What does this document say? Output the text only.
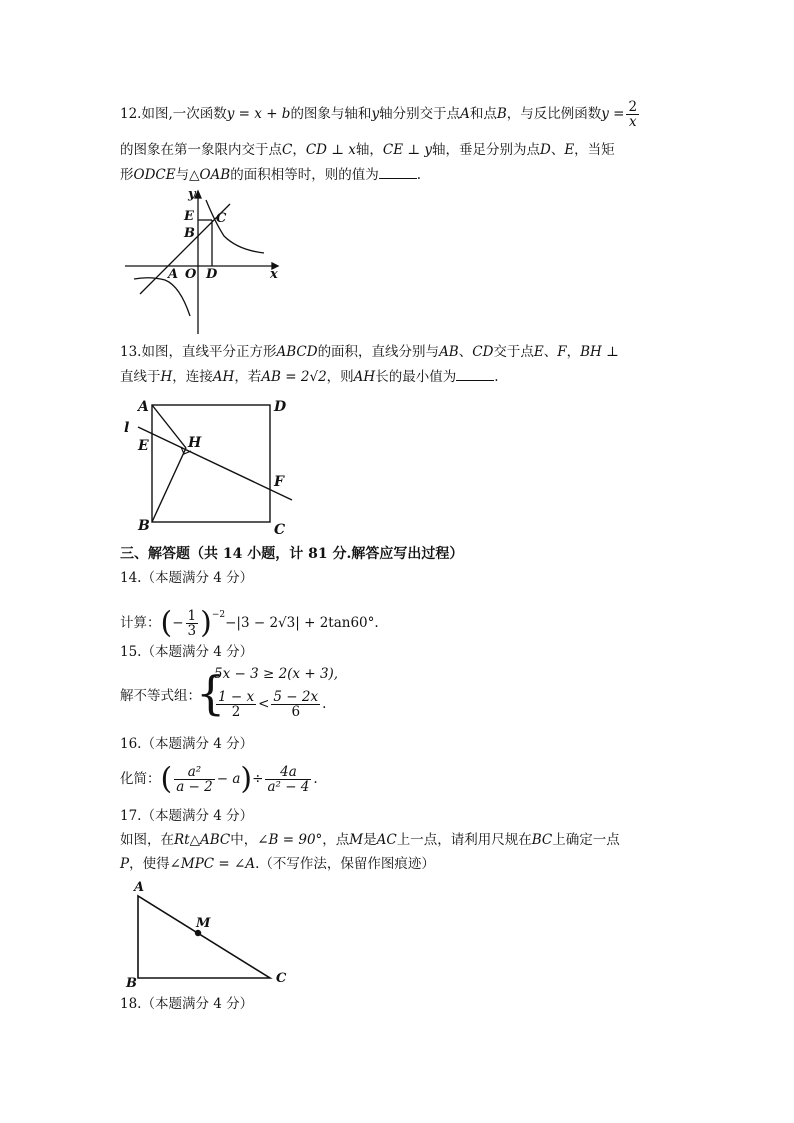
12.如图,一次函数y = x + b的图象与轴和y轴分别交于点A和点B，与反比例函数$y = \frac{2}{x}$
的图象在第一象限内交于点C，CD ⊥ x轴，CE ⊥ y轴，垂足分别为点D、E，当矩
形ODCE与△OAB的面积相等时，则的值为	.
y
E C
B
A O D	x
13.如图，直线平分正方形ABCD的面积，直线分别与AB、CD交于点E、F，BH ⊥
直线于H，连接AH，若AB = 2√2，则AH长的最小值为	.
A	D
l
E	H
F
B	C
三、解答题（共 14 小题，计 81 分.解答应写出过程）
14.（本题满分 4 分）
计算：(− $\frac{1}{3} )^{-2}-|3 - 2√3| + 2\tan 60^\circ$.
15.（本题满分 4 分）
解不等式组：
{
5x − 3 ≥ 2(x + 3),
$\frac{1 - x}{2} < \frac{5 - 2x}{6}$ .
16.（本题满分 4 分）
化简：( $\frac{\text{a²}}{a - 2} - a)\div \frac{4a}{\text{a² − 4}}$ .
17.（本题满分 4 分）
如图，在Rt△ABC中，∠B = 90°，点M是AC上一点，请利用尺规在BC上确定一点
P，使得∠MPC = ∠A.（不写作法，保留作图痕迹）
A
M
B	C
18.（本题满分 4 分）
